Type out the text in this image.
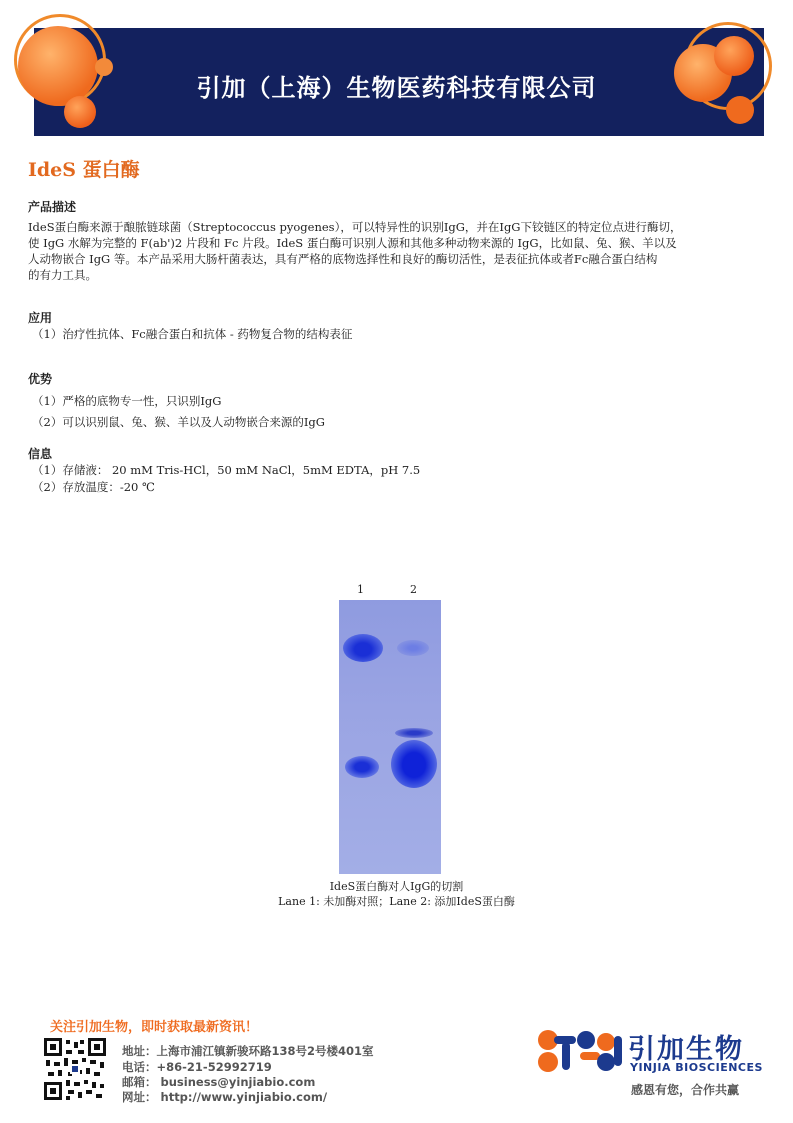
引加（上海）生物医药科技有限公司
IdeS 蛋白酶
产品描述
IdeS蛋白酶来源于酿脓链球菌（Streptococcus pyogenes），可以特异性的识别IgG，并在IgG下铰链区的特定位点进行酶切，
使 IgG 水解为完整的 F(ab')2 片段和 Fc 片段。IdeS 蛋白酶可识别人源和其他多种动物来源的 IgG，比如鼠、兔、猴、羊以及
人动物嵌合 IgG 等。本产品采用大肠杆菌表达，具有严格的底物选择性和良好的酶切活性，是表征抗体或者Fc融合蛋白结构
的有力工具。
应用
（1）治疗性抗体、Fc融合蛋白和抗体 - 药物复合物的结构表征
优势
（1）严格的底物专一性，只识别IgG
（2）可以识别鼠、兔、猴、羊以及人动物嵌合来源的IgG
信息
（1）存储液： 20 mM Tris-HCl，50 mM NaCl，5mM EDTA，pH 7.5
（2）存放温度：-20 ℃
1	2
IdeS蛋白酶对人IgG的切割
Lane 1: 未加酶对照；Lane 2: 添加IdeS蛋白酶
关注引加生物，即时获取最新资讯！
地址：上海市浦江镇新骏环路138号2号楼401室
电话：+86-21-52992719
邮箱： business@yinjiabio.com
网址： http://www.yinjiabio.com/
引加生物
YINJIA BIOSCIENCES
感恩有您，合作共赢
